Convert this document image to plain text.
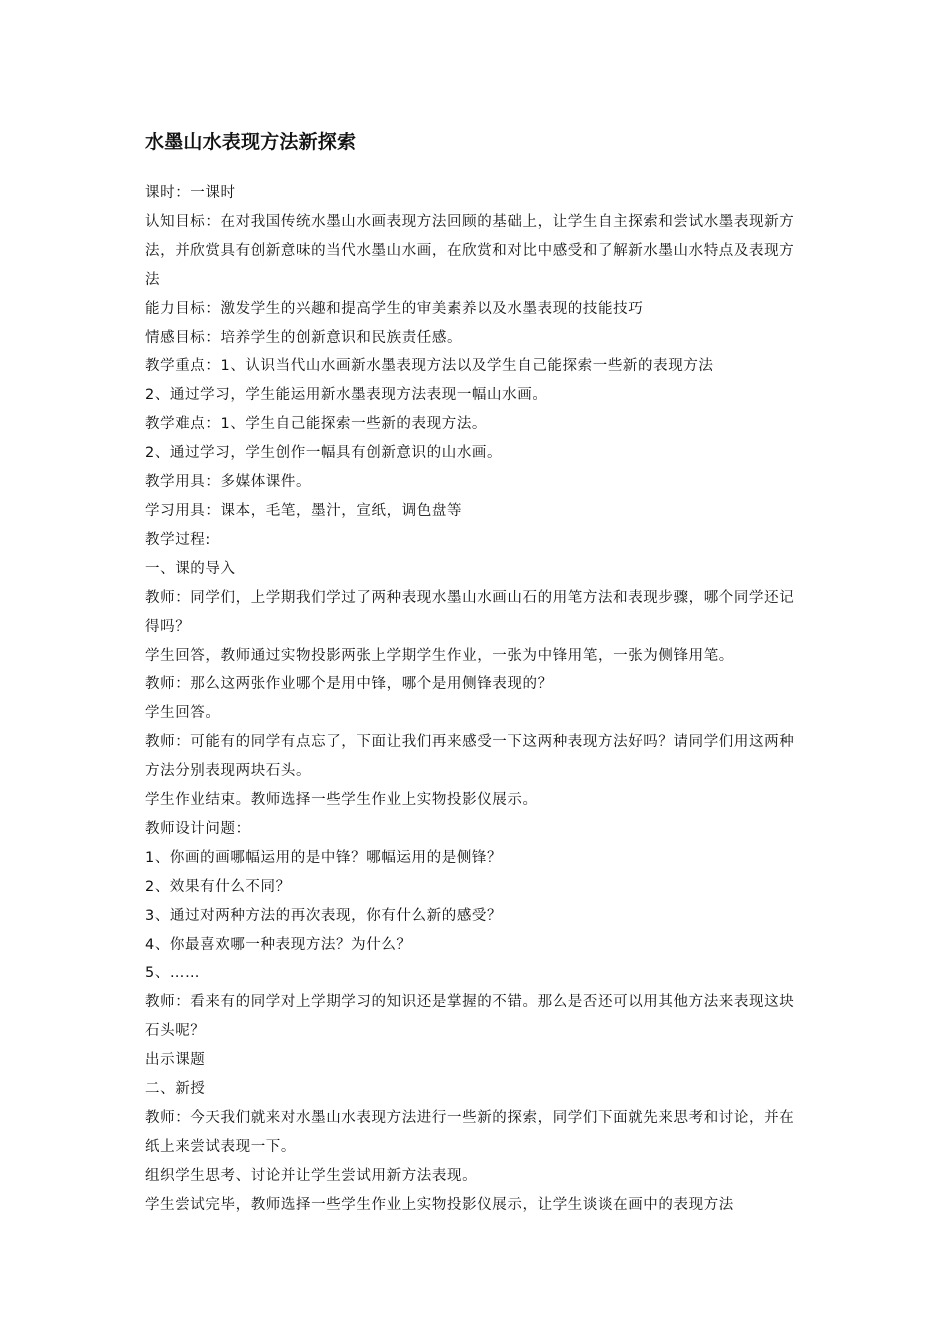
水墨山水表现方法新探索

课时：一课时

认知目标：在对我国传统水墨山水画表现方法回顾的基础上，让学生自主探索和尝试水墨表现新方法，并欣赏具有创新意味的当代水墨山水画，在欣赏和对比中感受和了解新水墨山水特点及表现方法

能力目标：激发学生的兴趣和提高学生的审美素养以及水墨表现的技能技巧

情感目标：培养学生的创新意识和民族责任感。

教学重点：1、认识当代山水画新水墨表现方法以及学生自己能探索一些新的表现方法

2、通过学习，学生能运用新水墨表现方法表现一幅山水画。

教学难点：1、学生自己能探索一些新的表现方法。

2、通过学习，学生创作一幅具有创新意识的山水画。

教学用具：多媒体课件。

学习用具：课本，毛笔，墨汁，宣纸，调色盘等

教学过程:

一、课的导入

教师：同学们，上学期我们学过了两种表现水墨山水画山石的用笔方法和表现步骤，哪个同学还记得吗？

学生回答，教师通过实物投影两张上学期学生作业，一张为中锋用笔，一张为侧锋用笔。

教师：那么这两张作业哪个是用中锋，哪个是用侧锋表现的？

学生回答。

教师：可能有的同学有点忘了，下面让我们再来感受一下这两种表现方法好吗？请同学们用这两种方法分别表现两块石头。

学生作业结束。教师选择一些学生作业上实物投影仪展示。

教师设计问题：

1、你画的画哪幅运用的是中锋？哪幅运用的是侧锋？

2、效果有什么不同？

3、通过对两种方法的再次表现，你有什么新的感受？

4、你最喜欢哪一种表现方法？为什么？

5、……

教师：看来有的同学对上学期学习的知识还是掌握的不错。那么是否还可以用其他方法来表现这块石头呢？

出示课题

二、新授

教师：今天我们就来对水墨山水表现方法进行一些新的探索，同学们下面就先来思考和讨论，并在纸上来尝试表现一下。

组织学生思考、讨论并让学生尝试用新方法表现。

学生尝试完毕，教师选择一些学生作业上实物投影仪展示，让学生谈谈在画中的表现方法
